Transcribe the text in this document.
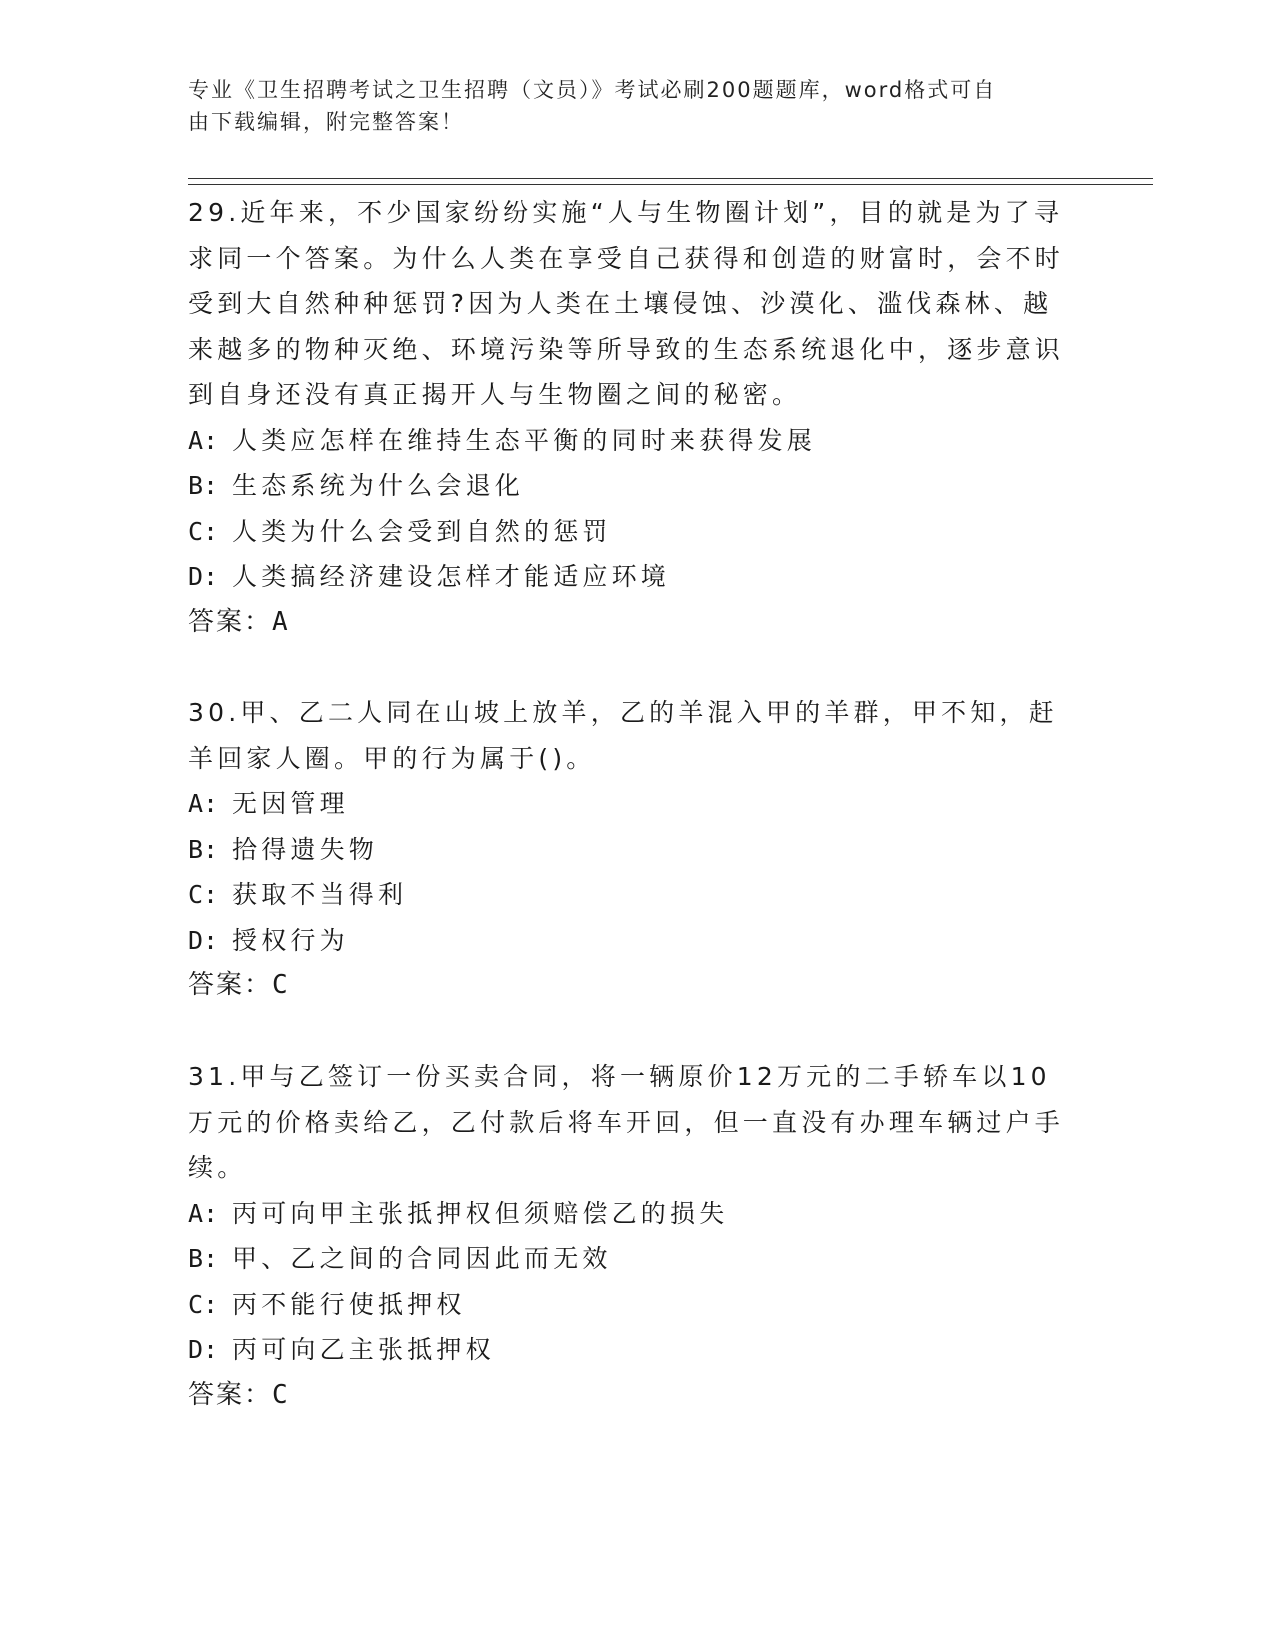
专业《卫生招聘考试之卫生招聘（文员）》考试必刷200题题库，word格式可自
由下载编辑，附完整答案！

29.近年来，不少国家纷纷实施“人与生物圈计划”，目的就是为了寻求同一个答案。为什么人类在享受自己获得和创造的财富时，会不时受到大自然种种惩罚?因为人类在土壤侵蚀、沙漠化、滥伐森林、越来越多的物种灭绝、环境污染等所导致的生态系统退化中，逐步意识到自身还没有真正揭开人与生物圈之间的秘密。

A: 人类应怎样在维持生态平衡的同时来获得发展
B: 生态系统为什么会退化
C: 人类为什么会受到自然的惩罚
D: 人类搞经济建设怎样才能适应环境
答案：A

30.甲、乙二人同在山坡上放羊，乙的羊混入甲的羊群，甲不知，赶羊回家人圈。甲的行为属于()。

A: 无因管理
B: 拾得遗失物
C: 获取不当得利
D: 授权行为
答案：C

31.甲与乙签订一份买卖合同，将一辆原价12万元的二手轿车以10万元的价格卖给乙，乙付款后将车开回，但一直没有办理车辆过户手续。

A: 丙可向甲主张抵押权但须赔偿乙的损失
B: 甲、乙之间的合同因此而无效
C: 丙不能行使抵押权
D: 丙可向乙主张抵押权
答案：C
